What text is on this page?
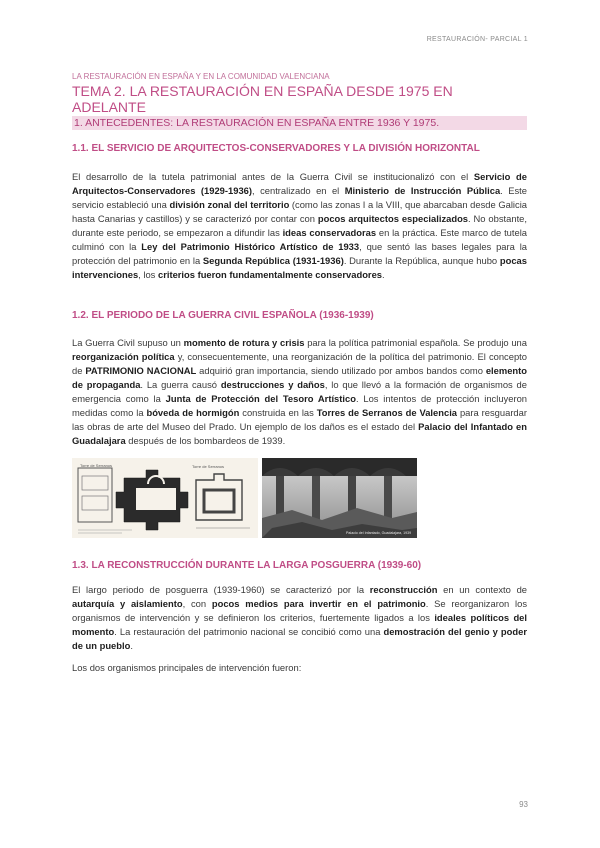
RESTAURACIÓN- PARCIAL 1

LA RESTAURACIÓN EN ESPAÑA Y EN LA COMUNIDAD VALENCIANA

TEMA 2. LA RESTAURACIÓN EN ESPAÑA DESDE 1975 EN ADELANTE
1. ANTECEDENTES: LA RESTAURACIÓN EN ESPAÑA ENTRE 1936 Y 1975.
1.1. EL SERVICIO DE ARQUITECTOS-CONSERVADORES Y LA DIVISIÓN HORIZONTAL

El desarrollo de la tutela patrimonial antes de la Guerra Civil se institucionalizó con el Servicio de Arquitectos-Conservadores (1929-1936), centralizado en el Ministerio de Instrucción Pública. Este servicio estableció una división zonal del territorio (como las zonas I a la VIII, que abarcaban desde Galicia hasta Canarias y castillos) y se caracterizó por contar con pocos arquitectos especializados. No obstante, durante este periodo, se empezaron a difundir las ideas conservadoras en la práctica. Este marco de tutela culminó con la Ley del Patrimonio Histórico Artístico de 1933, que sentó las bases legales para la protección del patrimonio en la Segunda República (1931-1936). Durante la República, aunque hubo pocas intervenciones, los criterios fueron fundamentalmente conservadores.

1.2. EL PERIODO DE LA GUERRA CIVIL ESPAÑOLA (1936-1939)

La Guerra Civil supuso un momento de rotura y crisis para la política patrimonial española. Se produjo una reorganización política y, consecuentemente, una reorganización de la política del patrimonio. El concepto de PATRIMONIO NACIONAL adquirió gran importancia, siendo utilizado por ambos bandos como elemento de propaganda. La guerra causó destrucciones y daños, lo que llevó a la formación de organismos de emergencia como la Junta de Protección del Tesoro Artístico. Los intentos de protección incluyeron medidas como la bóveda de hormigón construida en las Torres de Serranos de Valencia para resguardar las obras de arte del Museo del Prado. Un ejemplo de los daños es el estado del Palacio del Infantado en Guadalajara después de los bombardeos de 1939.

Torre de Serranos	Torre de Serranos
Palacio del Infantado, Guadalajara, 1939
1.3. LA RECONSTRUCCIÓN DURANTE LA LARGA POSGUERRA (1939-60)

El largo periodo de posguerra (1939-1960) se caracterizó por la reconstrucción en un contexto de autarquía y aislamiento, con pocos medios para invertir en el patrimonio. Se reorganizaron los organismos de intervención y se definieron los criterios, fuertemente ligados a los ideales políticos del momento. La restauración del patrimonio nacional se concibió como una demostración del genio y poder de un pueblo.

Los dos organismos principales de intervención fueron:

93
